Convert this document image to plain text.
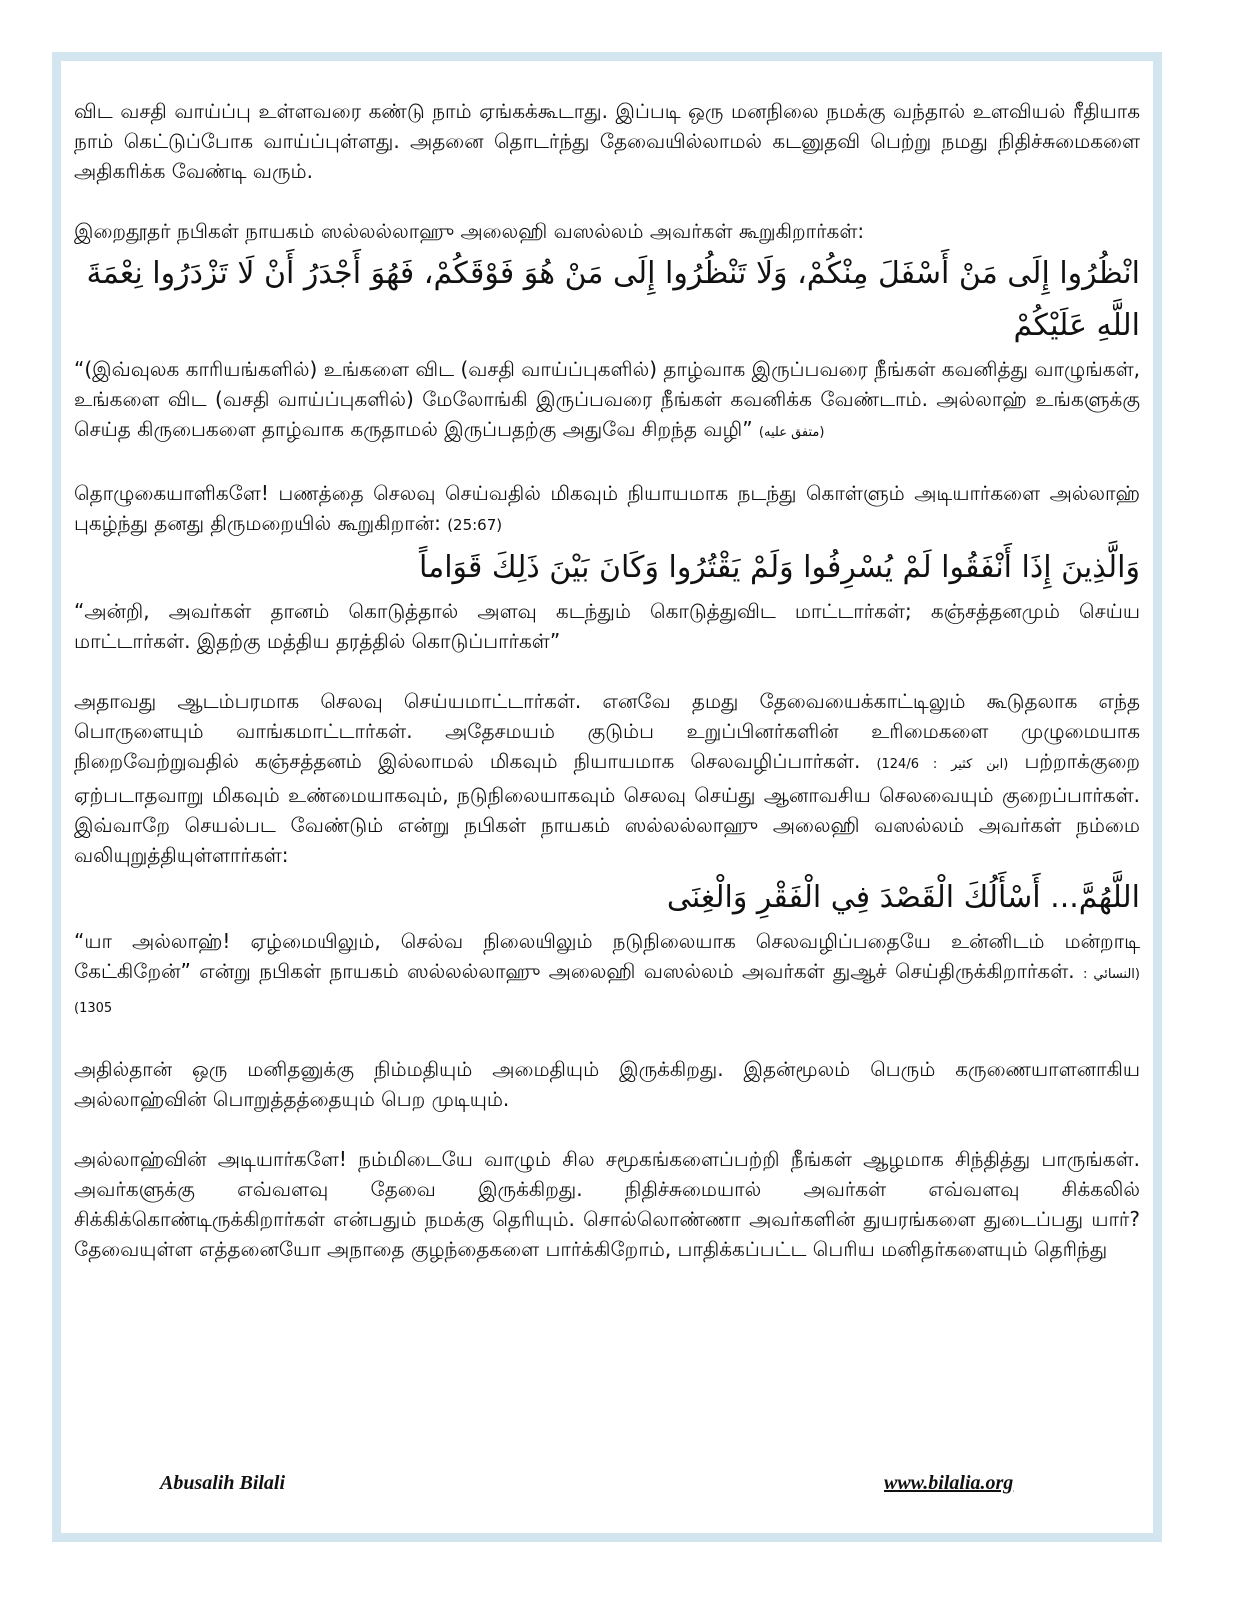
விட வசதி வாய்ப்பு உள்ளவரை கண்டு நாம் ஏங்கக்கூடாது. இப்படி ஒரு மனநிலை நமக்கு வந்தால் உளவியல் ரீதியாக நாம் கெட்டுப்போக வாய்ப்புள்ளது. அதனை தொடர்ந்து தேவையில்லாமல் கடனுதவி பெற்று நமது நிதிச்சுமைகளை அதிகரிக்க வேண்டி வரும்.

இறைதூதர் நபிகள் நாயகம் ஸல்லல்லாஹு அலைஹி வஸல்லம் அவர்கள் கூறுகிறார்கள்:

انْظُرُوا إِلَى مَنْ أَسْفَلَ مِنْكُمْ، وَلَا تَنْظُرُوا إِلَى مَنْ هُوَ فَوْقَكُمْ، فَهُوَ أَجْدَرُ أَنْ لَا تَزْدَرُوا نِعْمَةَ اللَّهِ عَلَيْكُمْ

“(இவ்வுலக காரியங்களில்) உங்களை விட (வசதி வாய்ப்புகளில்) தாழ்வாக இருப்பவரை நீங்கள் கவனித்து வாழுங்கள், உங்களை விட (வசதி வாய்ப்புகளில்) மேலோங்கி இருப்பவரை நீங்கள் கவனிக்க வேண்டாம். அல்லாஹ் உங்களுக்கு செய்த கிருபைகளை தாழ்வாக கருதாமல் இருப்பதற்கு அதுவே சிறந்த வழி” (متفق عليه)

தொழுகையாளிகளே! பணத்தை செலவு செய்வதில் மிகவும் நியாயமாக நடந்து கொள்ளும் அடியார்களை அல்லாஹ் புகழ்ந்து தனது திருமறையில் கூறுகிறான்: (25:67)

وَالَّذِينَ إِذَا أَنْفَقُوا لَمْ يُسْرِفُوا وَلَمْ يَقْتُرُوا وَكَانَ بَيْنَ ذَلِكَ قَوَاماً

“அன்றி, அவர்கள் தானம் கொடுத்தால் அளவு கடந்தும் கொடுத்துவிட மாட்டார்கள்; கஞ்சத்தனமும் செய்ய மாட்டார்கள். இதற்கு மத்திய தரத்தில் கொடுப்பார்கள்”

அதாவது ஆடம்பரமாக செலவு செய்யமாட்டார்கள். எனவே தமது தேவையைக்காட்டிலும் கூடுதலாக எந்த பொருளையும் வாங்கமாட்டார்கள். அதேசமயம் குடும்ப உறுப்பினர்களின் உரிமைகளை முழுமையாக நிறைவேற்றுவதில் கஞ்சத்தனம் இல்லாமல் மிகவும் நியாயமாக செலவழிப்பார்கள். (ابن كثير : 124/6) பற்றாக்குறை ஏற்படாதவாறு மிகவும் உண்மையாகவும், நடுநிலையாகவும் செலவு செய்து ஆனாவசிய செலவையும் குறைப்பார்கள். இவ்வாறே செயல்பட வேண்டும் என்று நபிகள் நாயகம் ஸல்லல்லாஹு அலைஹி வஸல்லம் அவர்கள் நம்மை வலியுறுத்தியுள்ளார்கள்:

اللَّهُمَّ... أَسْأَلُكَ الْقَصْدَ فِي الْفَقْرِ وَالْغِنَى

“யா அல்லாஹ்! ஏழ்மையிலும், செல்வ நிலையிலும் நடுநிலையாக செலவழிப்பதையே உன்னிடம் மன்றாடி கேட்கிறேன்” என்று நபிகள் நாயகம் ஸல்லல்லாஹு அலைஹி வஸல்லம் அவர்கள் துஆச் செய்திருக்கிறார்கள். (النسائي : 1305)

அதில்தான் ஒரு மனிதனுக்கு நிம்மதியும் அமைதியும் இருக்கிறது. இதன்மூலம் பெரும் கருணையாளனாகிய அல்லாஹ்வின் பொறுத்தத்தையும் பெற முடியும்.

அல்லாஹ்வின் அடியார்களே! நம்மிடையே வாழும் சில சமூகங்களைப்பற்றி நீங்கள் ஆழமாக சிந்தித்து பாருங்கள். அவர்களுக்கு எவ்வளவு தேவை இருக்கிறது. நிதிச்சுமையால் அவர்கள் எவ்வளவு சிக்கலில் சிக்கிக்கொண்டிருக்கிறார்கள் என்பதும் நமக்கு தெரியும். சொல்லொண்ணா அவர்களின் துயரங்களை துடைப்பது யார்? தேவையுள்ள எத்தனையோ அநாதை குழந்தைகளை பார்க்கிறோம், பாதிக்கப்பட்ட பெரிய மனிதர்களையும் தெரிந்து

Abusalih Bilali	www.bilalia.org
